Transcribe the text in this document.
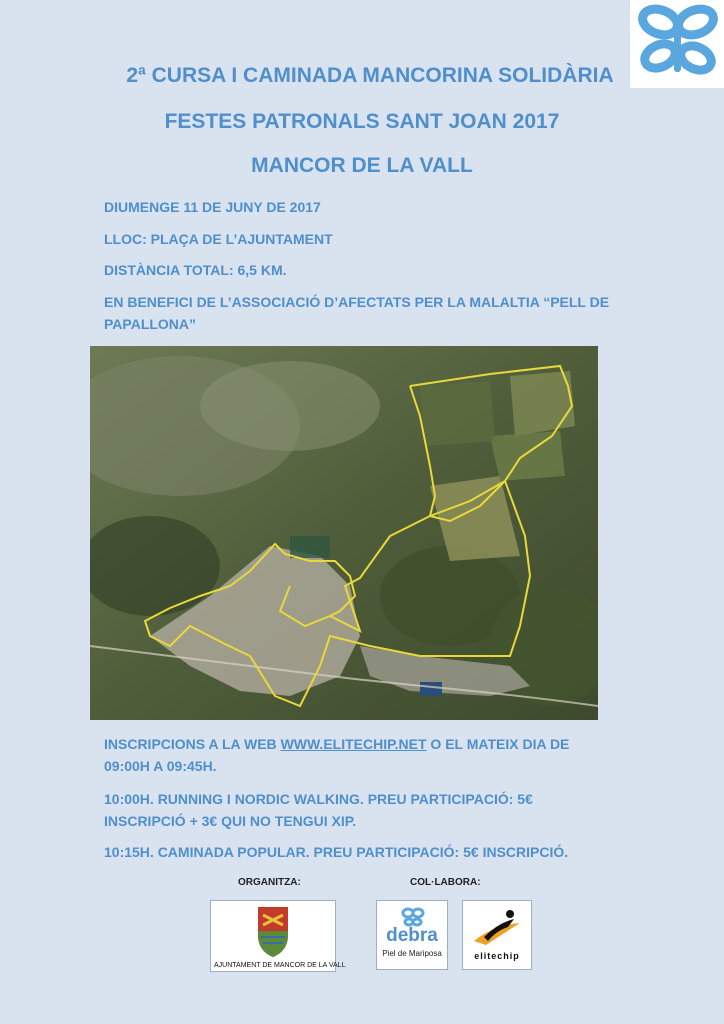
2ª CURSA I CAMINADA MANCORINA SOLIDÀRIA
FESTES PATRONALS SANT JOAN 2017
MANCOR DE LA VALL
DIUMENGE 11 DE JUNY DE 2017
LLOC: PLAÇA DE L’AJUNTAMENT
DISTÀNCIA TOTAL: 6,5 KM.
EN BENEFICI DE L’ASSOCIACIÓ D’AFECTATS PER LA MALALTIA “PELL DE PAPALLONA”
INSCRIPCIONS A LA WEB WWW.ELITECHIP.NET O EL MATEIX DIA DE 09:00H A 09:45H.
10:00H. RUNNING I NORDIC WALKING. PREU PARTICIPACIÓ: 5€ INSCRIPCIÓ + 3€ QUI NO TENGUI XIP.
10:15H. CAMINADA POPULAR. PREU PARTICIPACIÓ: 5€ INSCRIPCIÓ.
ORGANITZA:	COL·LABORA:
AJUNTAMENT DE MANCOR DE LA VALL
debra
Piel de Mariposa	elitechip
